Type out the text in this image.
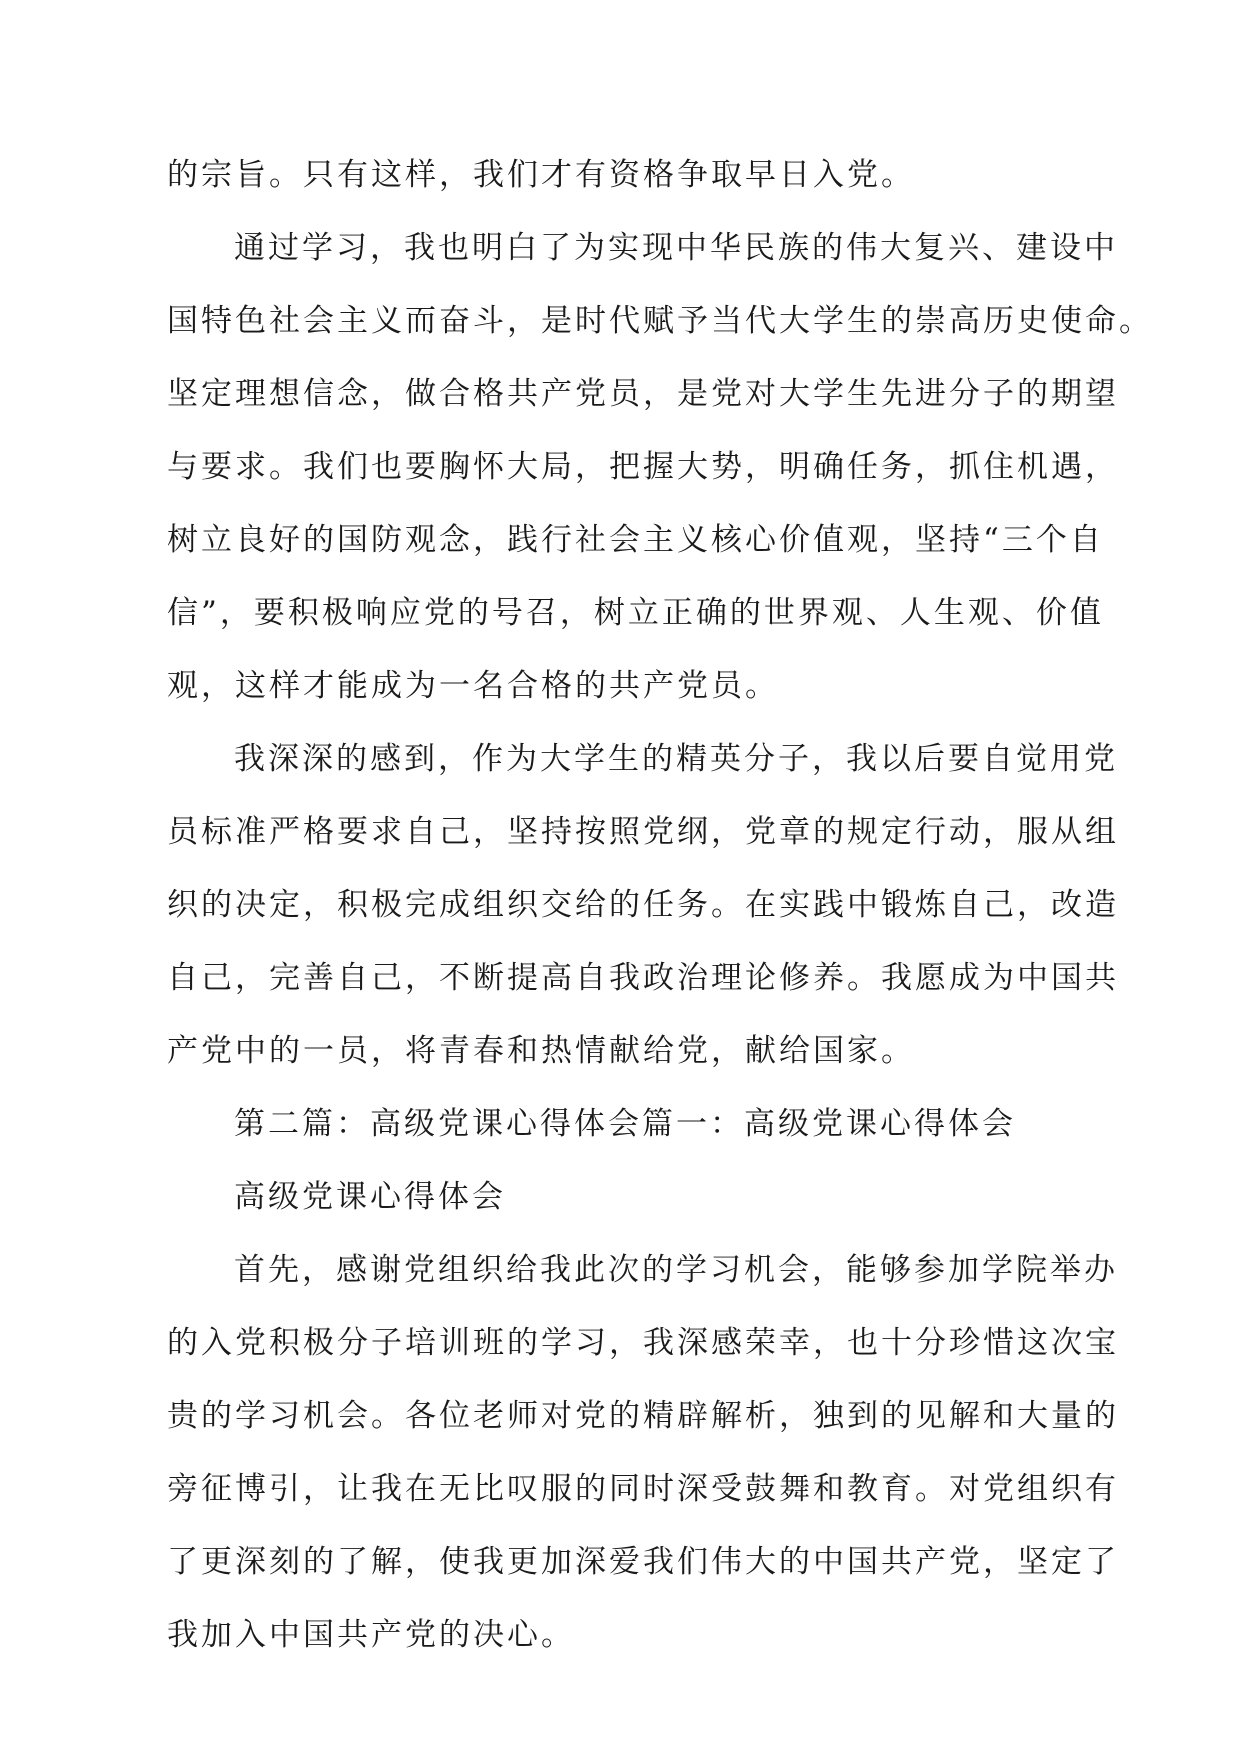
的宗旨。只有这样，我们才有资格争取早日入党。
通过学习，我也明白了为实现中华民族的伟大复兴、建设中
国特色社会主义而奋斗，是时代赋予当代大学生的崇高历史使命。
坚定理想信念，做合格共产党员，是党对大学生先进分子的期望
与要求。我们也要胸怀大局，把握大势，明确任务，抓住机遇，
树立良好的国防观念，践行社会主义核心价值观，坚持“三个自
信”，要积极响应党的号召，树立正确的世界观、人生观、价值
观，这样才能成为一名合格的共产党员。
我深深的感到，作为大学生的精英分子，我以后要自觉用党
员标准严格要求自己，坚持按照党纲，党章的规定行动，服从组
织的决定，积极完成组织交给的任务。在实践中锻炼自己，改造
自己，完善自己，不断提高自我政治理论修养。我愿成为中国共
产党中的一员，将青春和热情献给党，献给国家。
第二篇：高级党课心得体会篇一：高级党课心得体会
高级党课心得体会
首先，感谢党组织给我此次的学习机会，能够参加学院举办
的入党积极分子培训班的学习，我深感荣幸，也十分珍惜这次宝
贵的学习机会。各位老师对党的精辟解析，独到的见解和大量的
旁征博引，让我在无比叹服的同时深受鼓舞和教育。对党组织有
了更深刻的了解，使我更加深爱我们伟大的中国共产党，坚定了
我加入中国共产党的决心。
